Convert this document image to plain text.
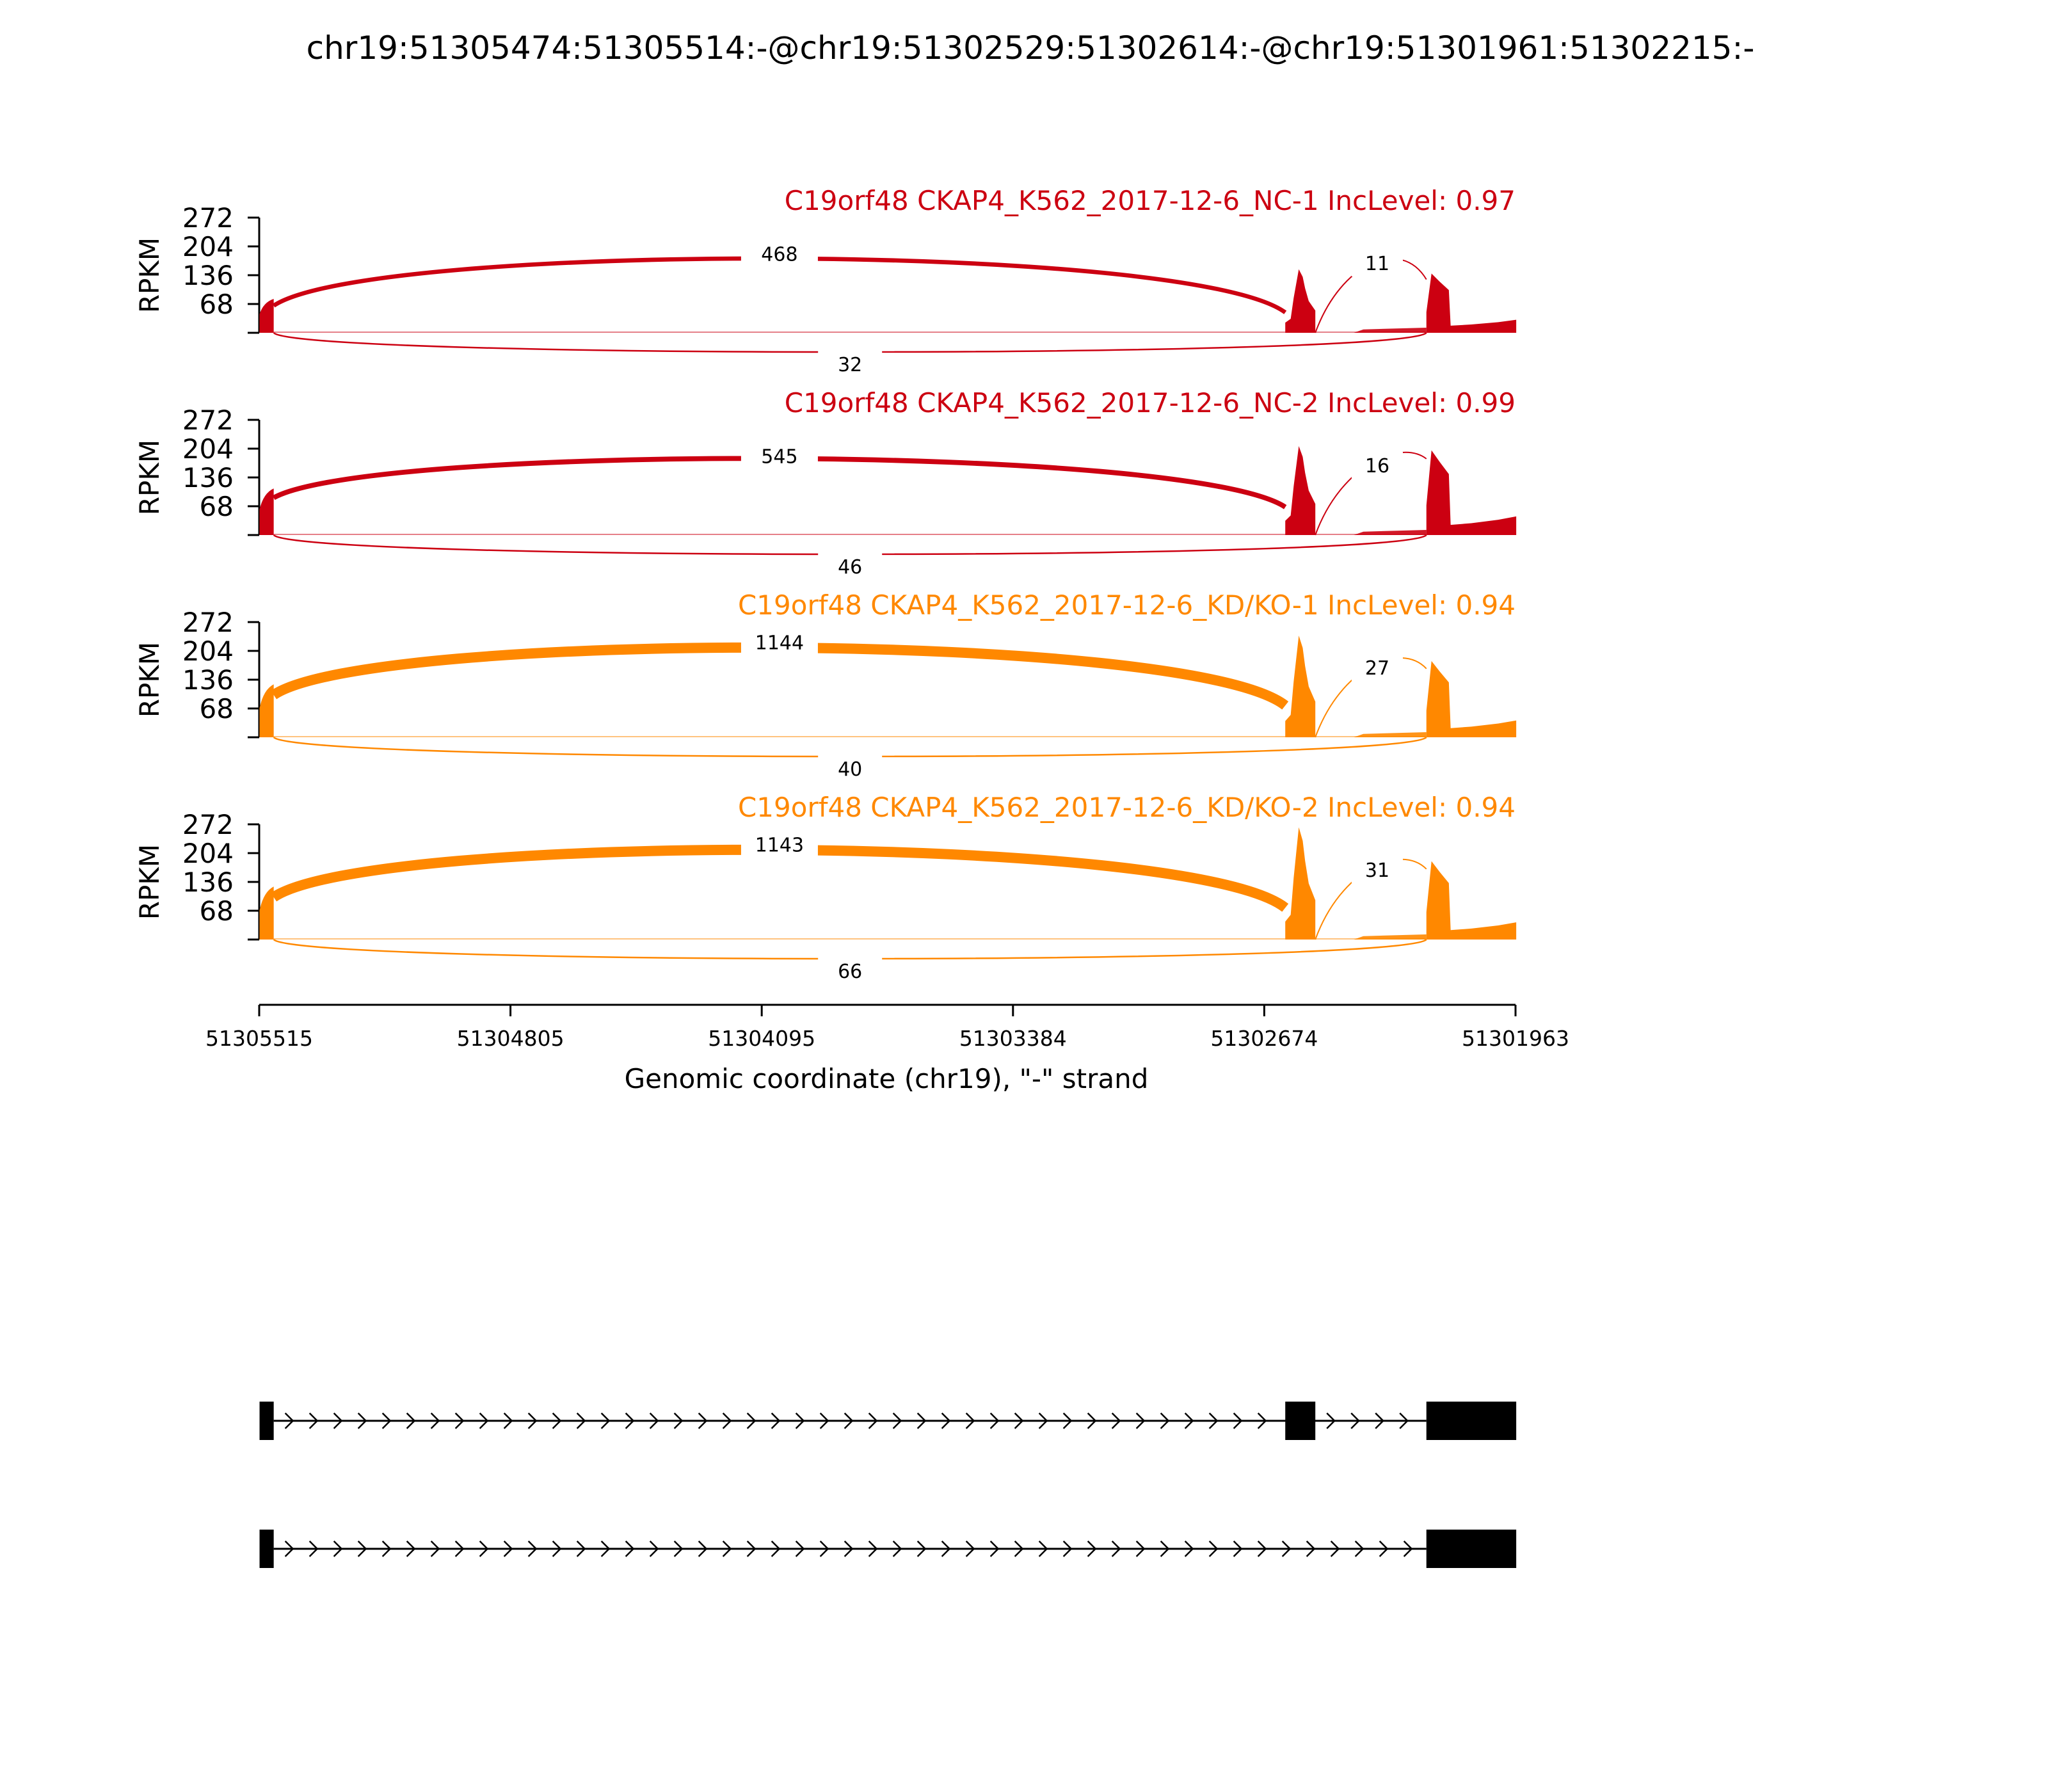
chr19:51305474:51305514:-@chr19:51302529:51302614:-@chr19:51301961:51302215:-
68
136
204
272
RPKM
C19orf48 CKAP4_K562_2017-12-6_NC-1 IncLevel: 0.97
468	11
32
68
136
204
272
RPKM
C19orf48 CKAP4_K562_2017-12-6_NC-2 IncLevel: 0.99
545	16
46
68
136
204
272
RPKM
C19orf48 CKAP4_K562_2017-12-6_KD/KO-1 IncLevel: 0.94
1144
27
40
68
136
204
272
RPKM
C19orf48 CKAP4_K562_2017-12-6_KD/KO-2 IncLevel: 0.94
1143
31
66
51305515	51304805	51304095	51303384	51302674	51301963
Genomic coordinate (chr19), "-" strand
